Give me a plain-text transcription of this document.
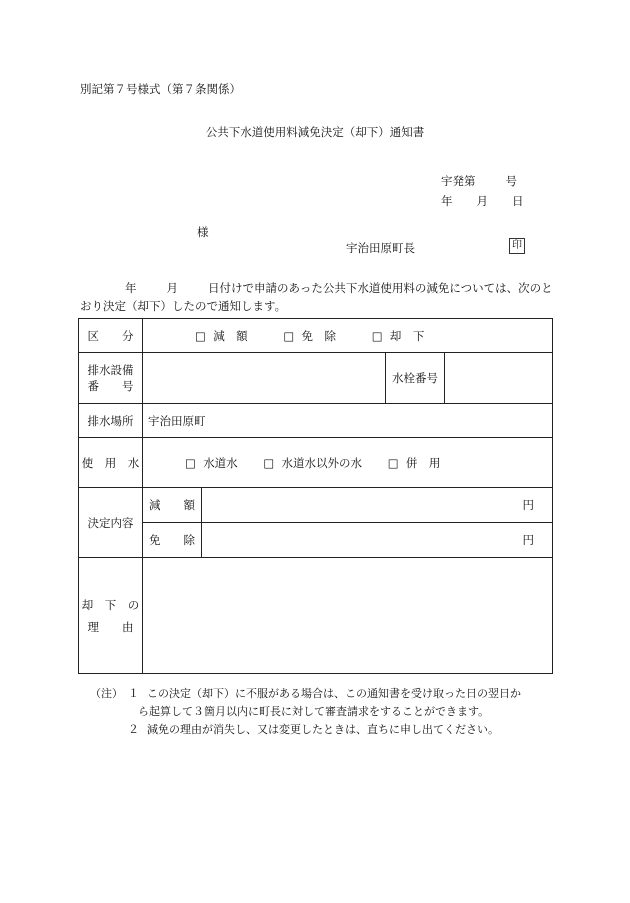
別記第７号様式（第７条関係）
公共下水道使用料減免決定（却下）通知書
宇発第	号
年 月 日
様
宇治田原町長	印
年	月	日付けで申請のあった公共下水道使用料の減免については、次のと
おり決定（却下）したので通知します。
区　　分	□ 減　額 □ 免　除 □ 却　下	

排水設備
番　　号		水栓番号

排水場所	宇治田原町	
使　用　水	□ 水道水 □ 水道水以外の水 □ 併　用	
決定内容	減　　額 円	

免　　除 円	

却　下　の
理　　由		

（注） １ この決定（却下）に不服がある場合は、この通知書を受け取った日の翌日か
ら起算して３箇月以内に町長に対して審査請求をすることができます。
２ 減免の理由が消失し、又は変更したときは、直ちに申し出てください。
